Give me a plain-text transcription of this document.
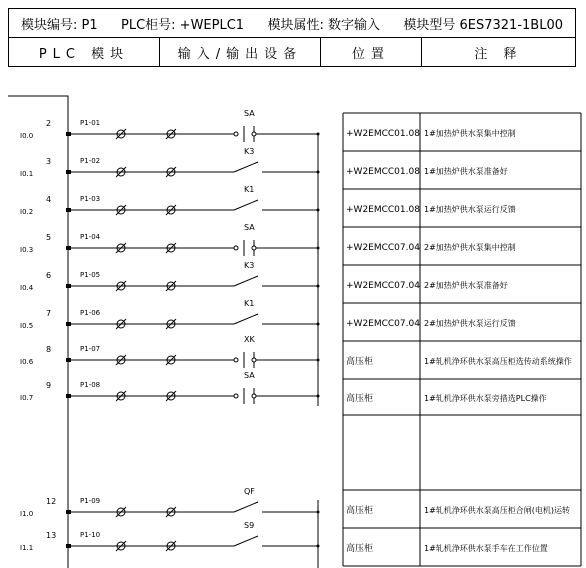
模块编号: P1 PLC柜号: +WEPLC1 模块属性: 数字输入 模块型号 6ES7321-1BL00

PLC 模块	输入/输出设备	位置	注 释
I0.0
2	P1-01
SA
+W2EMCC01.08 1#加热炉供水泵集中控制
I0.1
3	P1-02
K3
+W2EMCC01.08 1#加热炉供水泵准备好
I0.2
4	P1-03
K1
+W2EMCC01.08 1#加热炉供水泵运行反馈
I0.3
5	P1-04
SA
+W2EMCC07.04 2#加热炉供水泵集中控制
I0.4
6	P1-05
K3
+W2EMCC07.04 2#加热炉供水泵准备好
I0.5
7	P1-06
K1
+W2EMCC07.04 2#加热炉供水泵运行反馈
I0.6
8	P1-07
XK
高压柜	1#轧机浄环供水泵高压柜选传动系统操作
I0.7
9	P1-08
SA
高压柜	1#轧机浄环供水泵旁措选PLC操作
I1.0
12	P1-09
QF
高压柜	1#轧机浄环供水泵高压柜合闸(电机)运转
I1.1
13	P1-10
S9
高压柜	1#轧机浄环供水泵手车在工作位置
